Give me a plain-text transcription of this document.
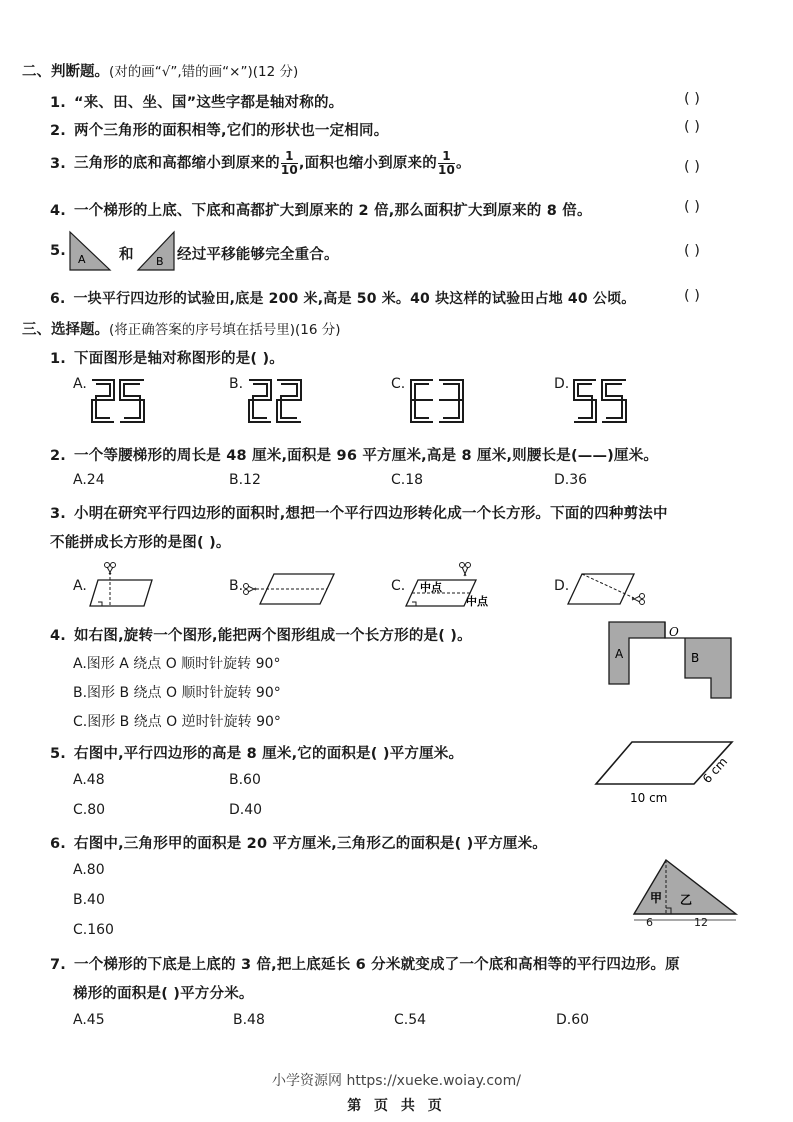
二、判断题。(对的画“√”,错的画“×”)(12 分)
1. “来、田、坐、国”这些字都是轴对称的。	( )
2. 两个三角形的面积相等,它们的形状也一定相同。	( )
3. 三角形的底和高都缩小到原来的 $\frac{1}{10}$ ,面积也缩小到原来的 $\frac{1}{10}$ 。	( )
4. 一个梯形的上底、下底和高都扩大到原来的 2 倍,那么面积扩大到原来的 8 倍。	( )
5.
A 和 B 经过平移能够完全重合。	( )
6. 一块平行四边形的试验田,底是 200 米,高是 50 米。40 块这样的试验田占地 40 公顷。	( )
三、选择题。(将正确答案的序号填在括号里)(16 分)
1. 下面图形是轴对称图形的是( )。
A.	B.	C.	D.
2. 一个等腰梯形的周长是 48 厘米,面积是 96 平方厘米,高是 8 厘米,则腰长是(——)厘米。
A.24	B.12	C.18	D.36
3. 小明在研究平行四边形的面积时,想把一个平行四边形转化成一个长方形。下面的四种剪法中
不能拼成长方形的是图( )。
A.	B.	C. 中点
中点
D.
4. 如右图,旋转一个图形,能把两个图形组成一个长方形的是( )。
A.图形 A 绕点 O 顺时针旋转 90°
B.图形 B 绕点 O 顺时针旋转 90°
C.图形 B 绕点 O 逆时针旋转 90°
A	B
O
5. 右图中,平行四边形的高是 8 厘米,它的面积是( )平方厘米。
A.48	B.60
C.80	D.40
10 cm
6 cm
6. 右图中,三角形甲的面积是 20 平方厘米,三角形乙的面积是( )平方厘米。
A.80
B.40
C.160
甲 乙
6	12
7. 一个梯形的下底是上底的 3 倍,把上底延长 6 分米就变成了一个底和高相等的平行四边形。原
梯形的面积是( )平方分米。
A.45	B.48	C.54	D.60
小学资源网 https://xueke.woiay.com/
第 页 共 页
